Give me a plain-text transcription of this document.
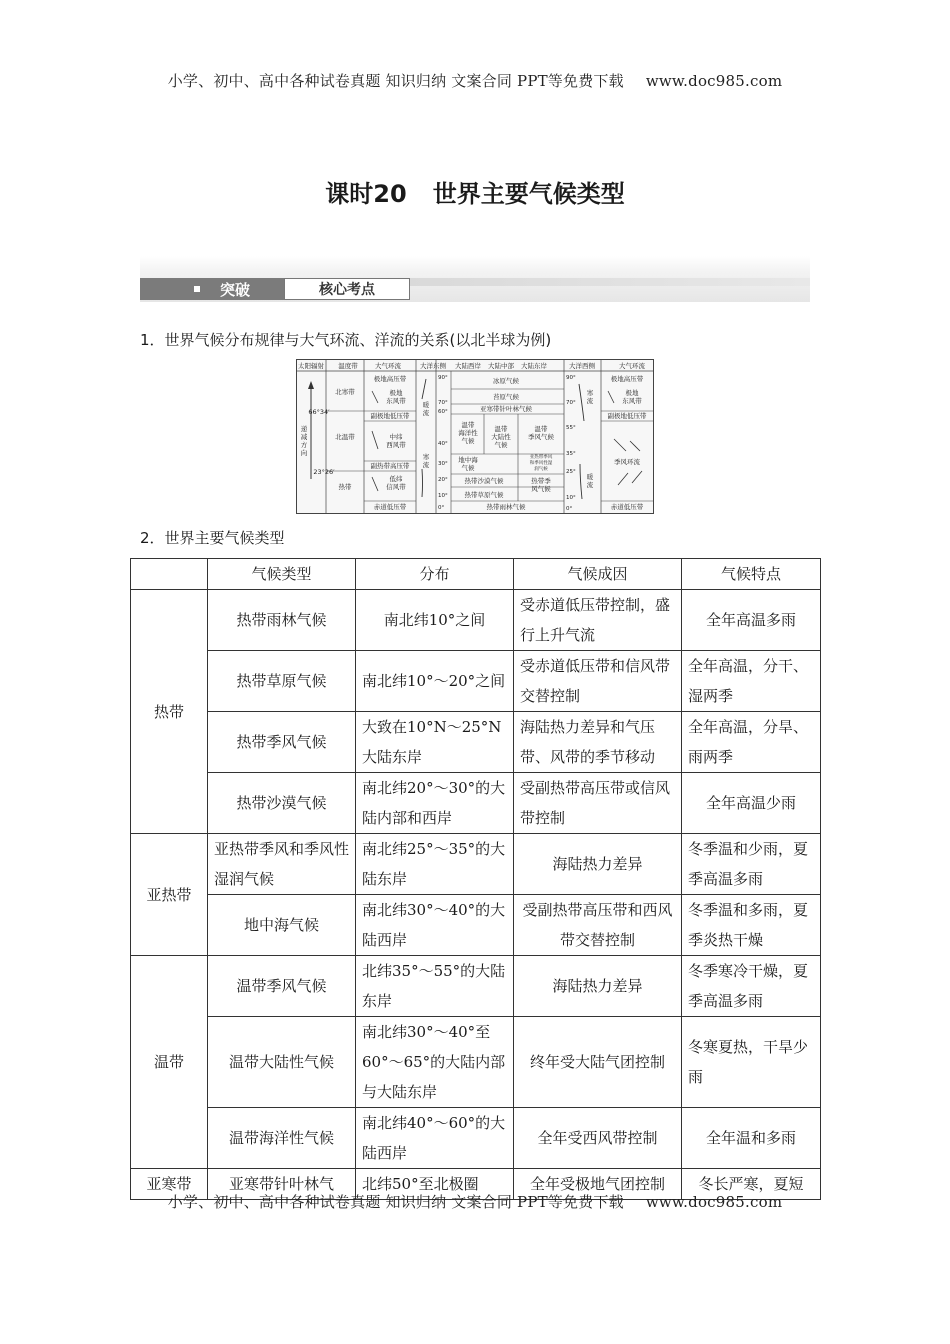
小学、初中、高中各种试卷真题 知识归纳 文案合同 PPT等免费下载 www.doc985.com
课时20 世界主要气候类型
突破	核心考点
1．世界气候分布规律与大气环流、洋流的关系(以北半球为例)
太阳辐射 温度带	大气环流	大洋东侧 大陆西岸 大陆中部 大陆东岸	大洋西侧	大气环流
递
减
方
向
北寒带
北温带
热带
66°34′
23°26′
极地高压带
极地
东风带
副极地低压带
中纬
西风带
副热带高压带
低纬
信风带
赤道低压带
暖
流
寒
流
90°
70°
60°
40°
30°
20°
10°
0°
冰原气候
苔原气候
亚寒带针叶林气候
温带
海洋性
气候
温带
大陆性
气候
温带
季风气候
地中海
气候
亚热带季风
和季风性湿
润气候
热带沙漠气候
热带草原气候
热带季
风气候
热带雨林气候
90°
70°
55°
35°
25°
10°
0°
寒
流
暖
流
极地高压带
极地
东风带
副极地低压带
季风环流
赤道低压带
2．世界主要气候类型
	气候类型	分布	气候成因	气候特点
热带	热带雨林气候	南北纬10°之间	受赤道低压带控制，盛行上升气流	全年高温多雨
	热带草原气候	南北纬10°～20°之间	受赤道低压带和信风带交替控制	全年高温，分干、湿两季
	热带季风气候	大致在10°N～25°N大陆东岸	海陆热力差异和气压带、风带的季节移动	全年高温，分旱、雨两季
	热带沙漠气候	南北纬20°～30°的大陆内部和西岸	受副热带高压带或信风带控制	全年高温少雨
亚热带	亚热带季风和季风性湿润气候	南北纬25°～35°的大陆东岸	海陆热力差异	冬季温和少雨，夏季高温多雨
	地中海气候	南北纬30°～40°的大陆西岸	受副热带高压带和西风带交替控制	冬季温和多雨，夏季炎热干燥
温带	温带季风气候	北纬35°～55°的大陆东岸	海陆热力差异	冬季寒冷干燥，夏季高温多雨
	温带大陆性气候	南北纬30°～40°至60°～65°的大陆内部与大陆东岸	终年受大陆气团控制	冬寒夏热，干旱少雨
	温带海洋性气候	南北纬40°～60°的大陆西岸	全年受西风带控制	全年温和多雨
亚寒带	亚寒带针叶林气	北纬50°至北极圈	全年受极地气团控制	冬长严寒，夏短
小学、初中、高中各种试卷真题 知识归纳 文案合同 PPT等免费下载 www.doc985.com
